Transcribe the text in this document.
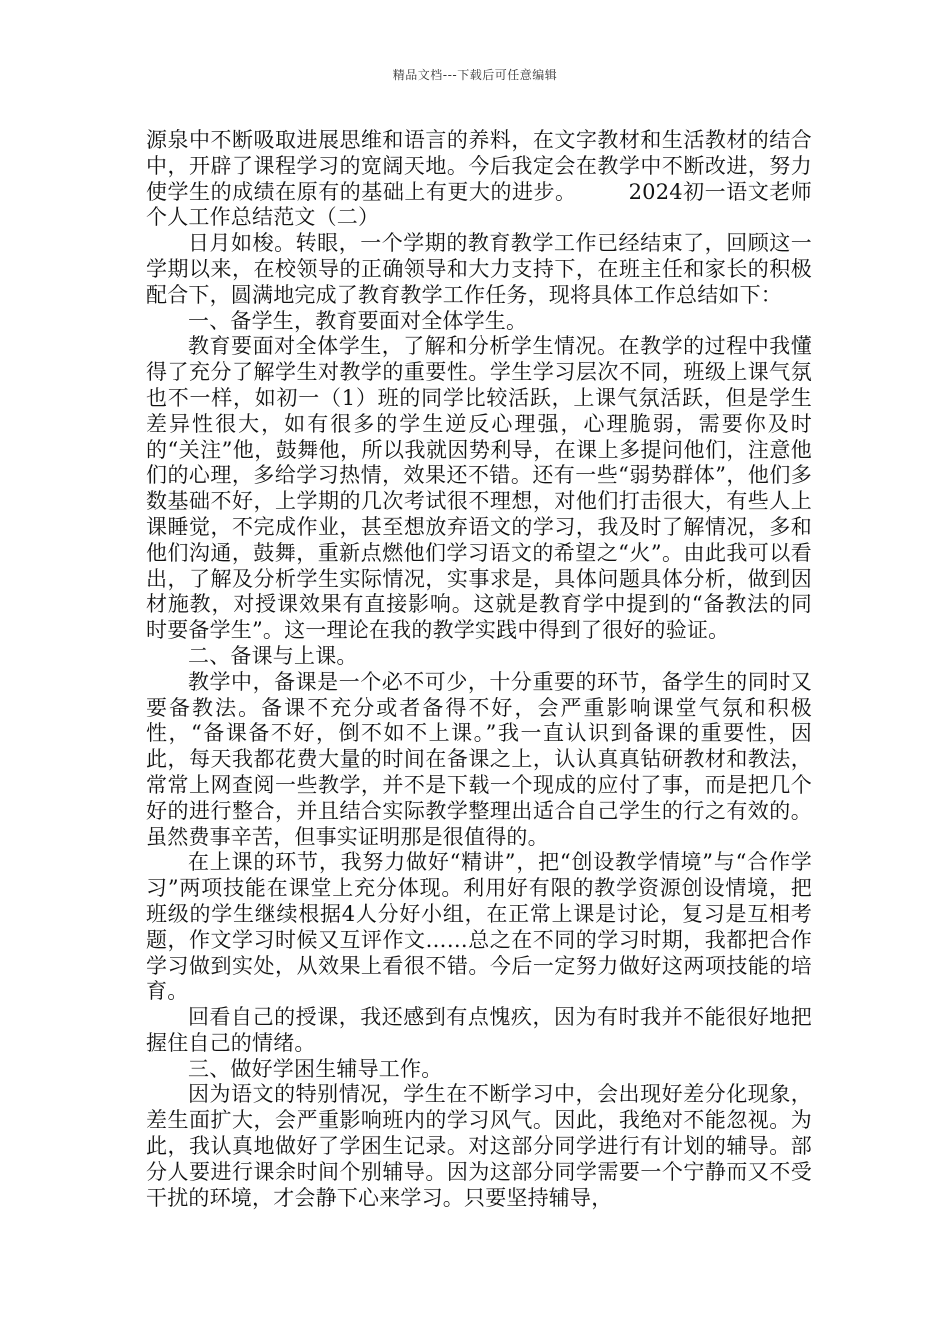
精品文档---下载后可任意编辑

源泉中不断吸取进展思维和语言的养料，在文字教材和生活教材的结合中，开辟了课程学习的宽阔天地。今后我定会在教学中不断改进，努力使学生的成绩在原有的基础上有更大的进步。 2024初一语文老师个人工作总结范文（二）

日月如梭。转眼，一个学期的教育教学工作已经结束了，回顾这一学期以来，在校领导的正确领导和大力支持下，在班主任和家长的积极配合下，圆满地完成了教育教学工作任务，现将具体工作总结如下：

一、备学生，教育要面对全体学生。

教育要面对全体学生，了解和分析学生情况。在教学的过程中我懂得了充分了解学生对教学的重要性。学生学习层次不同，班级上课气氛也不一样，如初一（1）班的同学比较活跃，上课气氛活跃，但是学生差异性很大，如有很多的学生逆反心理强，心理脆弱，需要你及时的“关注”他，鼓舞他，所以我就因势利导，在课上多提问他们，注意他们的心理，多给学习热情，效果还不错。还有一些“弱势群体”，他们多数基础不好，上学期的几次考试很不理想，对他们打击很大，有些人上课睡觉，不完成作业，甚至想放弃语文的学习，我及时了解情况，多和他们沟通，鼓舞，重新点燃他们学习语文的希望之“火”。由此我可以看出，了解及分析学生实际情况，实事求是，具体问题具体分析，做到因材施教，对授课效果有直接影响。这就是教育学中提到的“备教法的同时要备学生”。这一理论在我的教学实践中得到了很好的验证。

二、备课与上课。

教学中，备课是一个必不可少，十分重要的环节，备学生的同时又要备教法。备课不充分或者备得不好，会严重影响课堂气氛和积极性，“备课备不好，倒不如不上课。”我一直认识到备课的重要性，因此，每天我都花费大量的时间在备课之上，认认真真钻研教材和教法，常常上网查阅一些教学，并不是下载一个现成的应付了事，而是把几个好的进行整合，并且结合实际教学整理出适合自己学生的行之有效的。虽然费事辛苦，但事实证明那是很值得的。

在上课的环节，我努力做好“精讲”，把“创设教学情境”与“合作学习”两项技能在课堂上充分体现。利用好有限的教学资源创设情境，把班级的学生继续根据4人分好小组，在正常上课是讨论，复习是互相考题，作文学习时候又互评作文……总之在不同的学习时期，我都把合作学习做到实处，从效果上看很不错。今后一定努力做好这两项技能的培育。

回看自己的授课，我还感到有点愧疚，因为有时我并不能很好地把握住自己的情绪。

三、做好学困生辅导工作。

因为语文的特别情况，学生在不断学习中，会出现好差分化现象，差生面扩大，会严重影响班内的学习风气。因此，我绝对不能忽视。为此，我认真地做好了学困生记录。对这部分同学进行有计划的辅导。部分人要进行课余时间个别辅导。因为这部分同学需要一个宁静而又不受干扰的环境，才会静下心来学习。只要坚持辅导，
